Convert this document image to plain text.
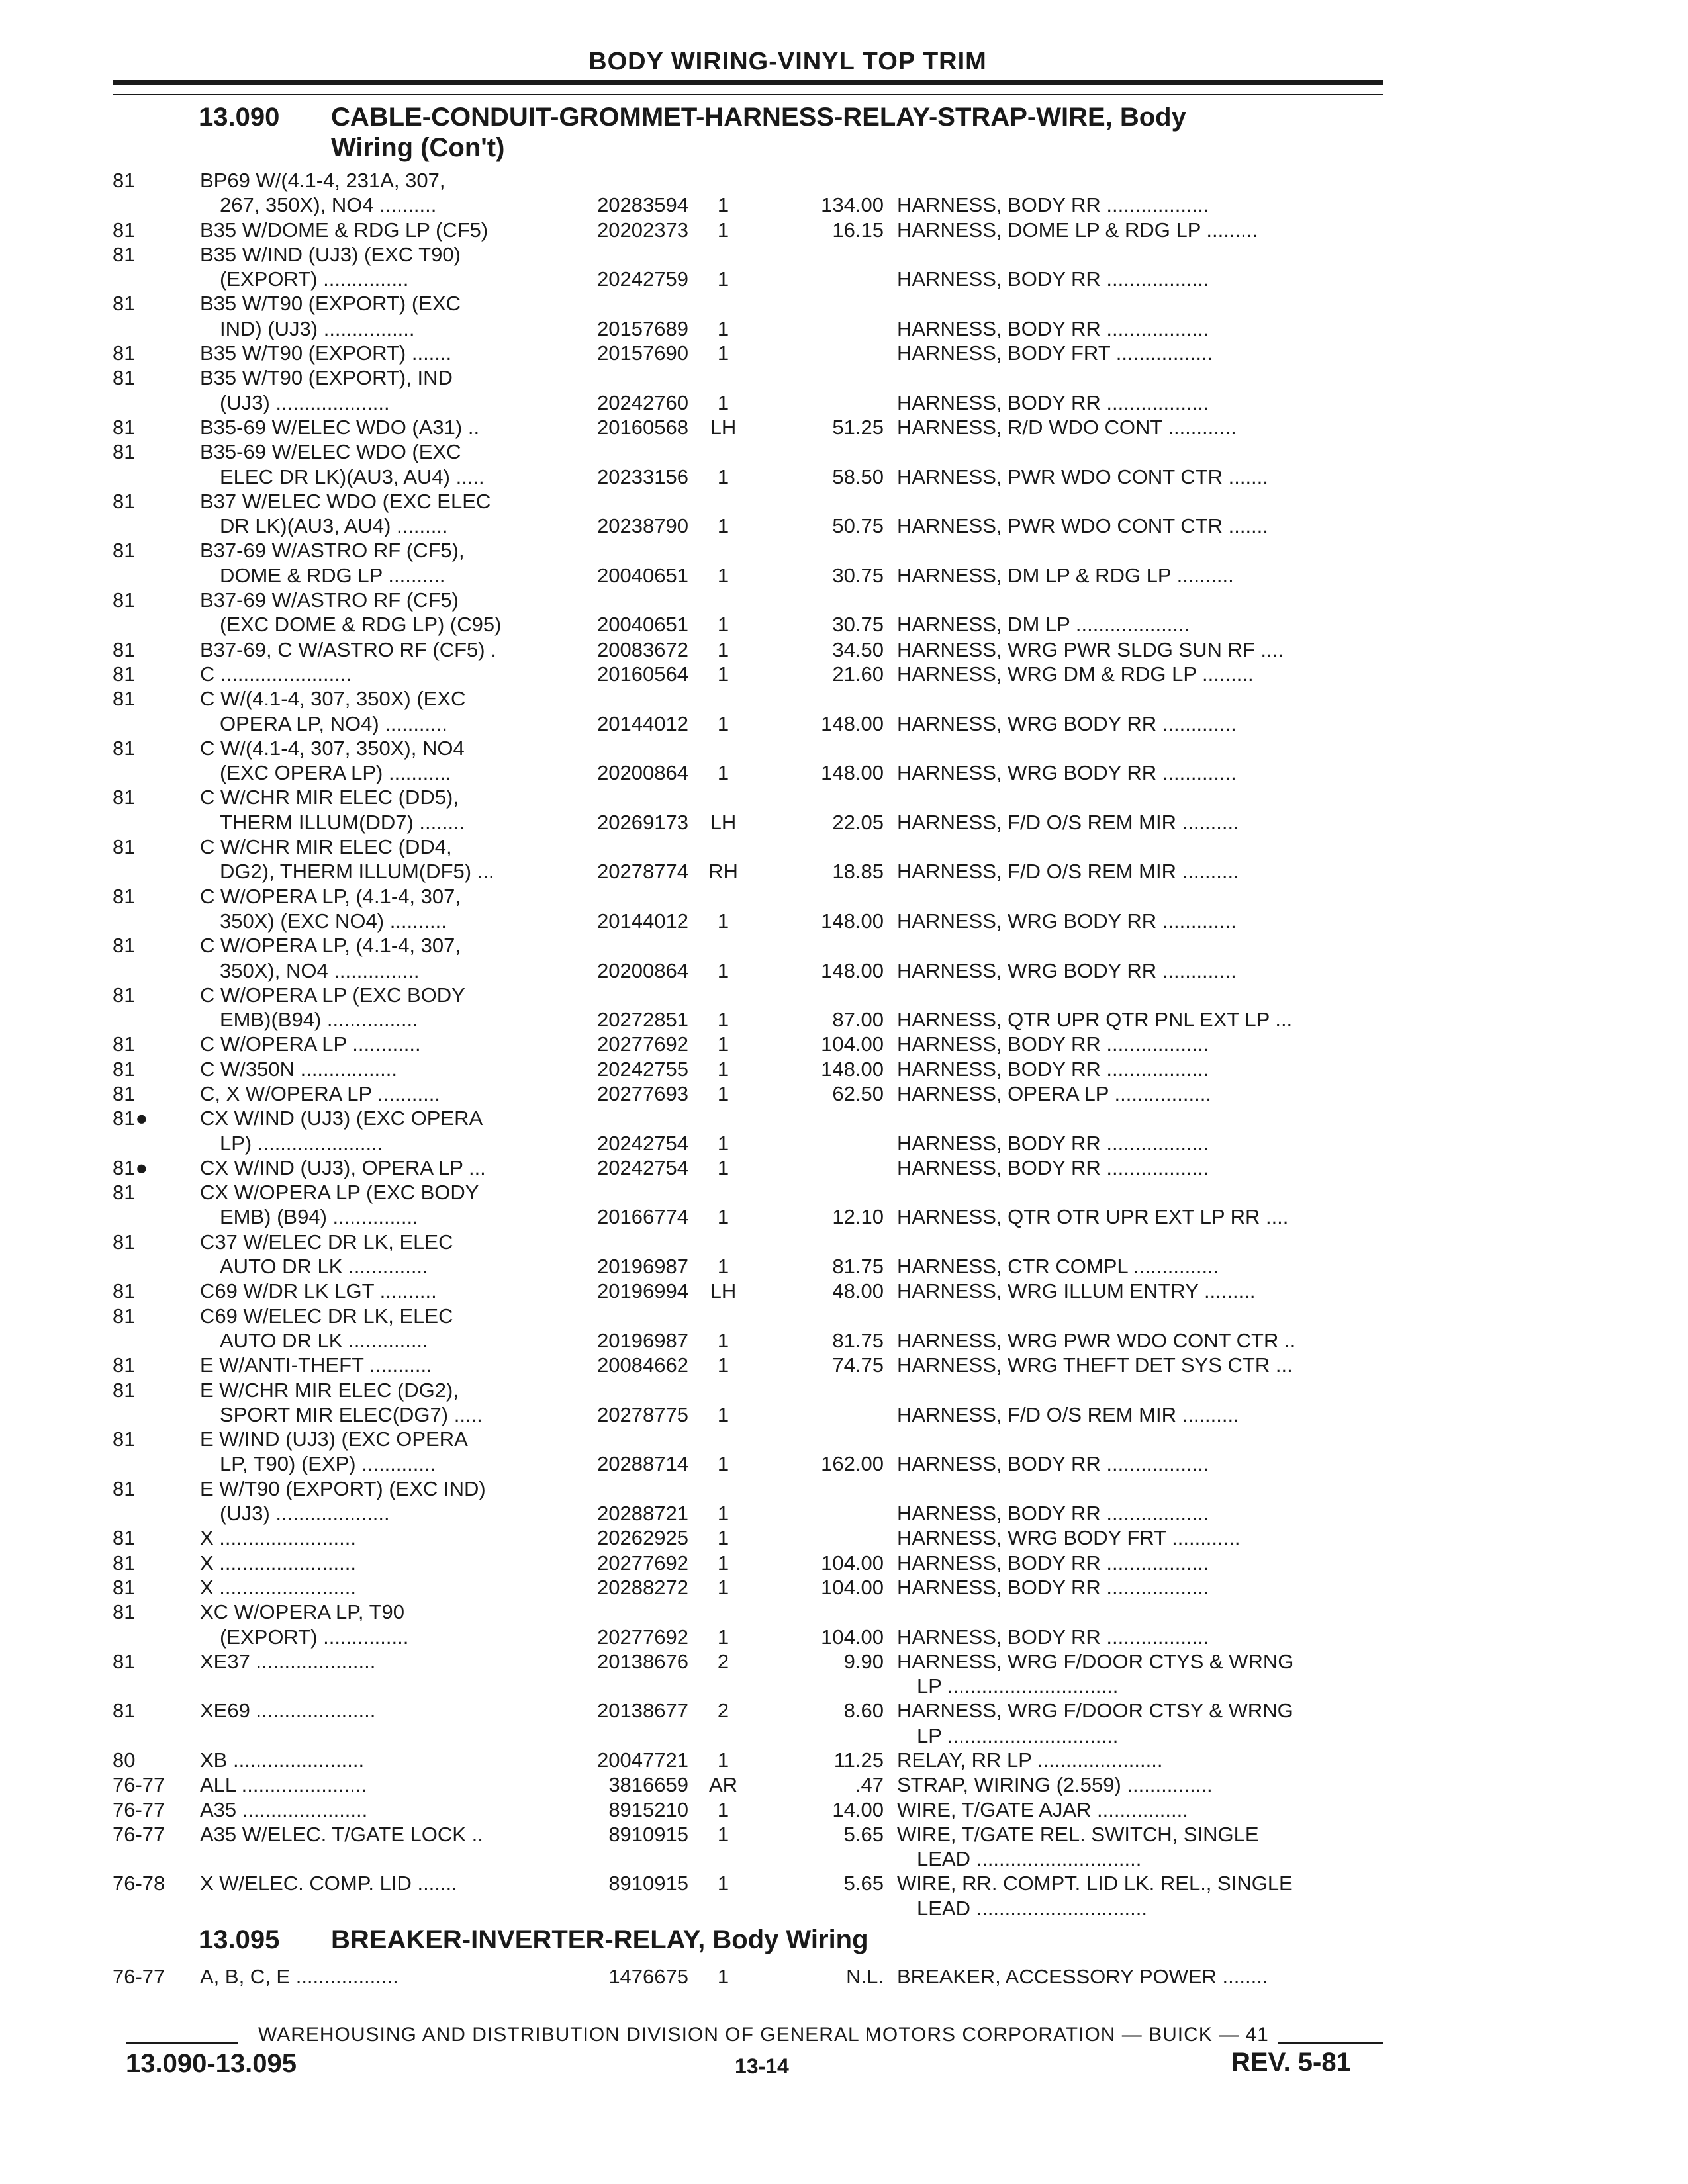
BODY WIRING-VINYL TOP TRIM
13.090 CABLE-CONDUIT-GROMMET-HARNESS-RELAY-STRAP-WIRE, Body
Wiring (Con't)
81	BP69 W/(4.1-4, 231A, 307,
267, 350X), NO4 ..........	20283594	1	134.00 HARNESS, BODY RR ..................
81	B35 W/DOME & RDG LP (CF5)	20202373	1	16.15 HARNESS, DOME LP & RDG LP .........
81	B35 W/IND (UJ3) (EXC T90)
(EXPORT) ...............	20242759	1	HARNESS, BODY RR ..................
81	B35 W/T90 (EXPORT) (EXC
IND) (UJ3) ................	20157689	1	HARNESS, BODY RR ..................
81	B35 W/T90 (EXPORT) .......	20157690	1	HARNESS, BODY FRT .................
81	B35 W/T90 (EXPORT), IND
(UJ3) ....................	20242760	1	HARNESS, BODY RR ..................
81	B35-69 W/ELEC WDO (A31) ..	20160568	LH	51.25 HARNESS, R/D WDO CONT ............
81	B35-69 W/ELEC WDO (EXC
ELEC DR LK)(AU3, AU4) .....	20233156	1	58.50 HARNESS, PWR WDO CONT CTR .......
81	B37 W/ELEC WDO (EXC ELEC
DR LK)(AU3, AU4) .........	20238790	1	50.75 HARNESS, PWR WDO CONT CTR .......
81	B37-69 W/ASTRO RF (CF5),
DOME & RDG LP ..........	20040651	1	30.75 HARNESS, DM LP & RDG LP ..........
81	B37-69 W/ASTRO RF (CF5)
(EXC DOME & RDG LP) (C95)	20040651	1	30.75 HARNESS, DM LP ....................
81	B37-69, C W/ASTRO RF (CF5) .	20083672	1	34.50 HARNESS, WRG PWR SLDG SUN RF ....
81	C .......................	20160564	1	21.60 HARNESS, WRG DM & RDG LP .........
81	C W/(4.1-4, 307, 350X) (EXC
OPERA LP, NO4) ...........	20144012	1	148.00 HARNESS, WRG BODY RR .............
81	C W/(4.1-4, 307, 350X), NO4
(EXC OPERA LP) ...........	20200864	1	148.00 HARNESS, WRG BODY RR .............
81	C W/CHR MIR ELEC (DD5),
THERM ILLUM(DD7) ........	20269173	LH	22.05 HARNESS, F/D O/S REM MIR ..........
81	C W/CHR MIR ELEC (DD4,
DG2), THERM ILLUM(DF5) ...	20278774 RH	18.85 HARNESS, F/D O/S REM MIR ..........
81	C W/OPERA LP, (4.1-4, 307,
350X) (EXC NO4) ..........	20144012	1	148.00 HARNESS, WRG BODY RR .............
81	C W/OPERA LP, (4.1-4, 307,
350X), NO4 ...............	20200864	1	148.00 HARNESS, WRG BODY RR .............
81	C W/OPERA LP (EXC BODY
EMB)(B94) ................	20272851	1	87.00 HARNESS, QTR UPR QTR PNL EXT LP ...
81	C W/OPERA LP ............	20277692	1	104.00 HARNESS, BODY RR ..................
81	C W/350N .................	20242755	1	148.00 HARNESS, BODY RR ..................
81	C, X W/OPERA LP ...........	20277693	1	62.50 HARNESS, OPERA LP .................
81●	CX W/IND (UJ3) (EXC OPERA
LP) ......................	20242754	1	HARNESS, BODY RR ..................
81●	CX W/IND (UJ3), OPERA LP ...	20242754	1	HARNESS, BODY RR ..................
81	CX W/OPERA LP (EXC BODY
EMB) (B94) ...............	20166774	1	12.10 HARNESS, QTR OTR UPR EXT LP RR ....
81	C37 W/ELEC DR LK, ELEC
AUTO DR LK ..............	20196987	1	81.75 HARNESS, CTR COMPL ...............
81	C69 W/DR LK LGT ..........	20196994	LH	48.00 HARNESS, WRG ILLUM ENTRY .........
81	C69 W/ELEC DR LK, ELEC
AUTO DR LK ..............	20196987	1	81.75 HARNESS, WRG PWR WDO CONT CTR ..
81	E W/ANTI-THEFT ...........	20084662	1	74.75 HARNESS, WRG THEFT DET SYS CTR ...
81	E W/CHR MIR ELEC (DG2),
SPORT MIR ELEC(DG7) .....	20278775	1	HARNESS, F/D O/S REM MIR ..........
81	E W/IND (UJ3) (EXC OPERA
LP, T90) (EXP) .............	20288714	1	162.00 HARNESS, BODY RR ..................
81	E W/T90 (EXPORT) (EXC IND)
(UJ3) ....................	20288721	1	HARNESS, BODY RR ..................
81	X ........................	20262925	1	HARNESS, WRG BODY FRT ............
81	X ........................	20277692	1	104.00 HARNESS, BODY RR ..................
81	X ........................	20288272	1	104.00 HARNESS, BODY RR ..................
81	XC W/OPERA LP, T90
(EXPORT) ...............	20277692	1	104.00 HARNESS, BODY RR ..................
81	XE37 .....................	20138676	2	9.90 HARNESS, WRG F/DOOR CTYS & WRNG
LP ..............................
81	XE69 .....................	20138677	2	8.60 HARNESS, WRG F/DOOR CTSY & WRNG
LP ..............................
80	XB .......................	20047721	1	11.25 RELAY, RR LP ......................
76-77	ALL ......................	3816659 AR	.47 STRAP, WIRING (2.559) ...............
76-77	A35 ......................	8915210	1	14.00 WIRE, T/GATE AJAR ................
76-77	A35 W/ELEC. T/GATE LOCK ..	8910915	1	5.65 WIRE, T/GATE REL. SWITCH, SINGLE
LEAD .............................
76-78	X W/ELEC. COMP. LID .......	8910915	1	5.65 WIRE, RR. COMPT. LID LK. REL., SINGLE
LEAD ..............................
13.095 BREAKER-INVERTER-RELAY, Body Wiring
76-77	A, B, C, E ..................	1476675	1	N.L. BREAKER, ACCESSORY POWER ........
WAREHOUSING AND DISTRIBUTION DIVISION OF GENERAL MOTORS CORPORATION — BUICK — 41
13.090-13.095	13-14	REV. 5-81
